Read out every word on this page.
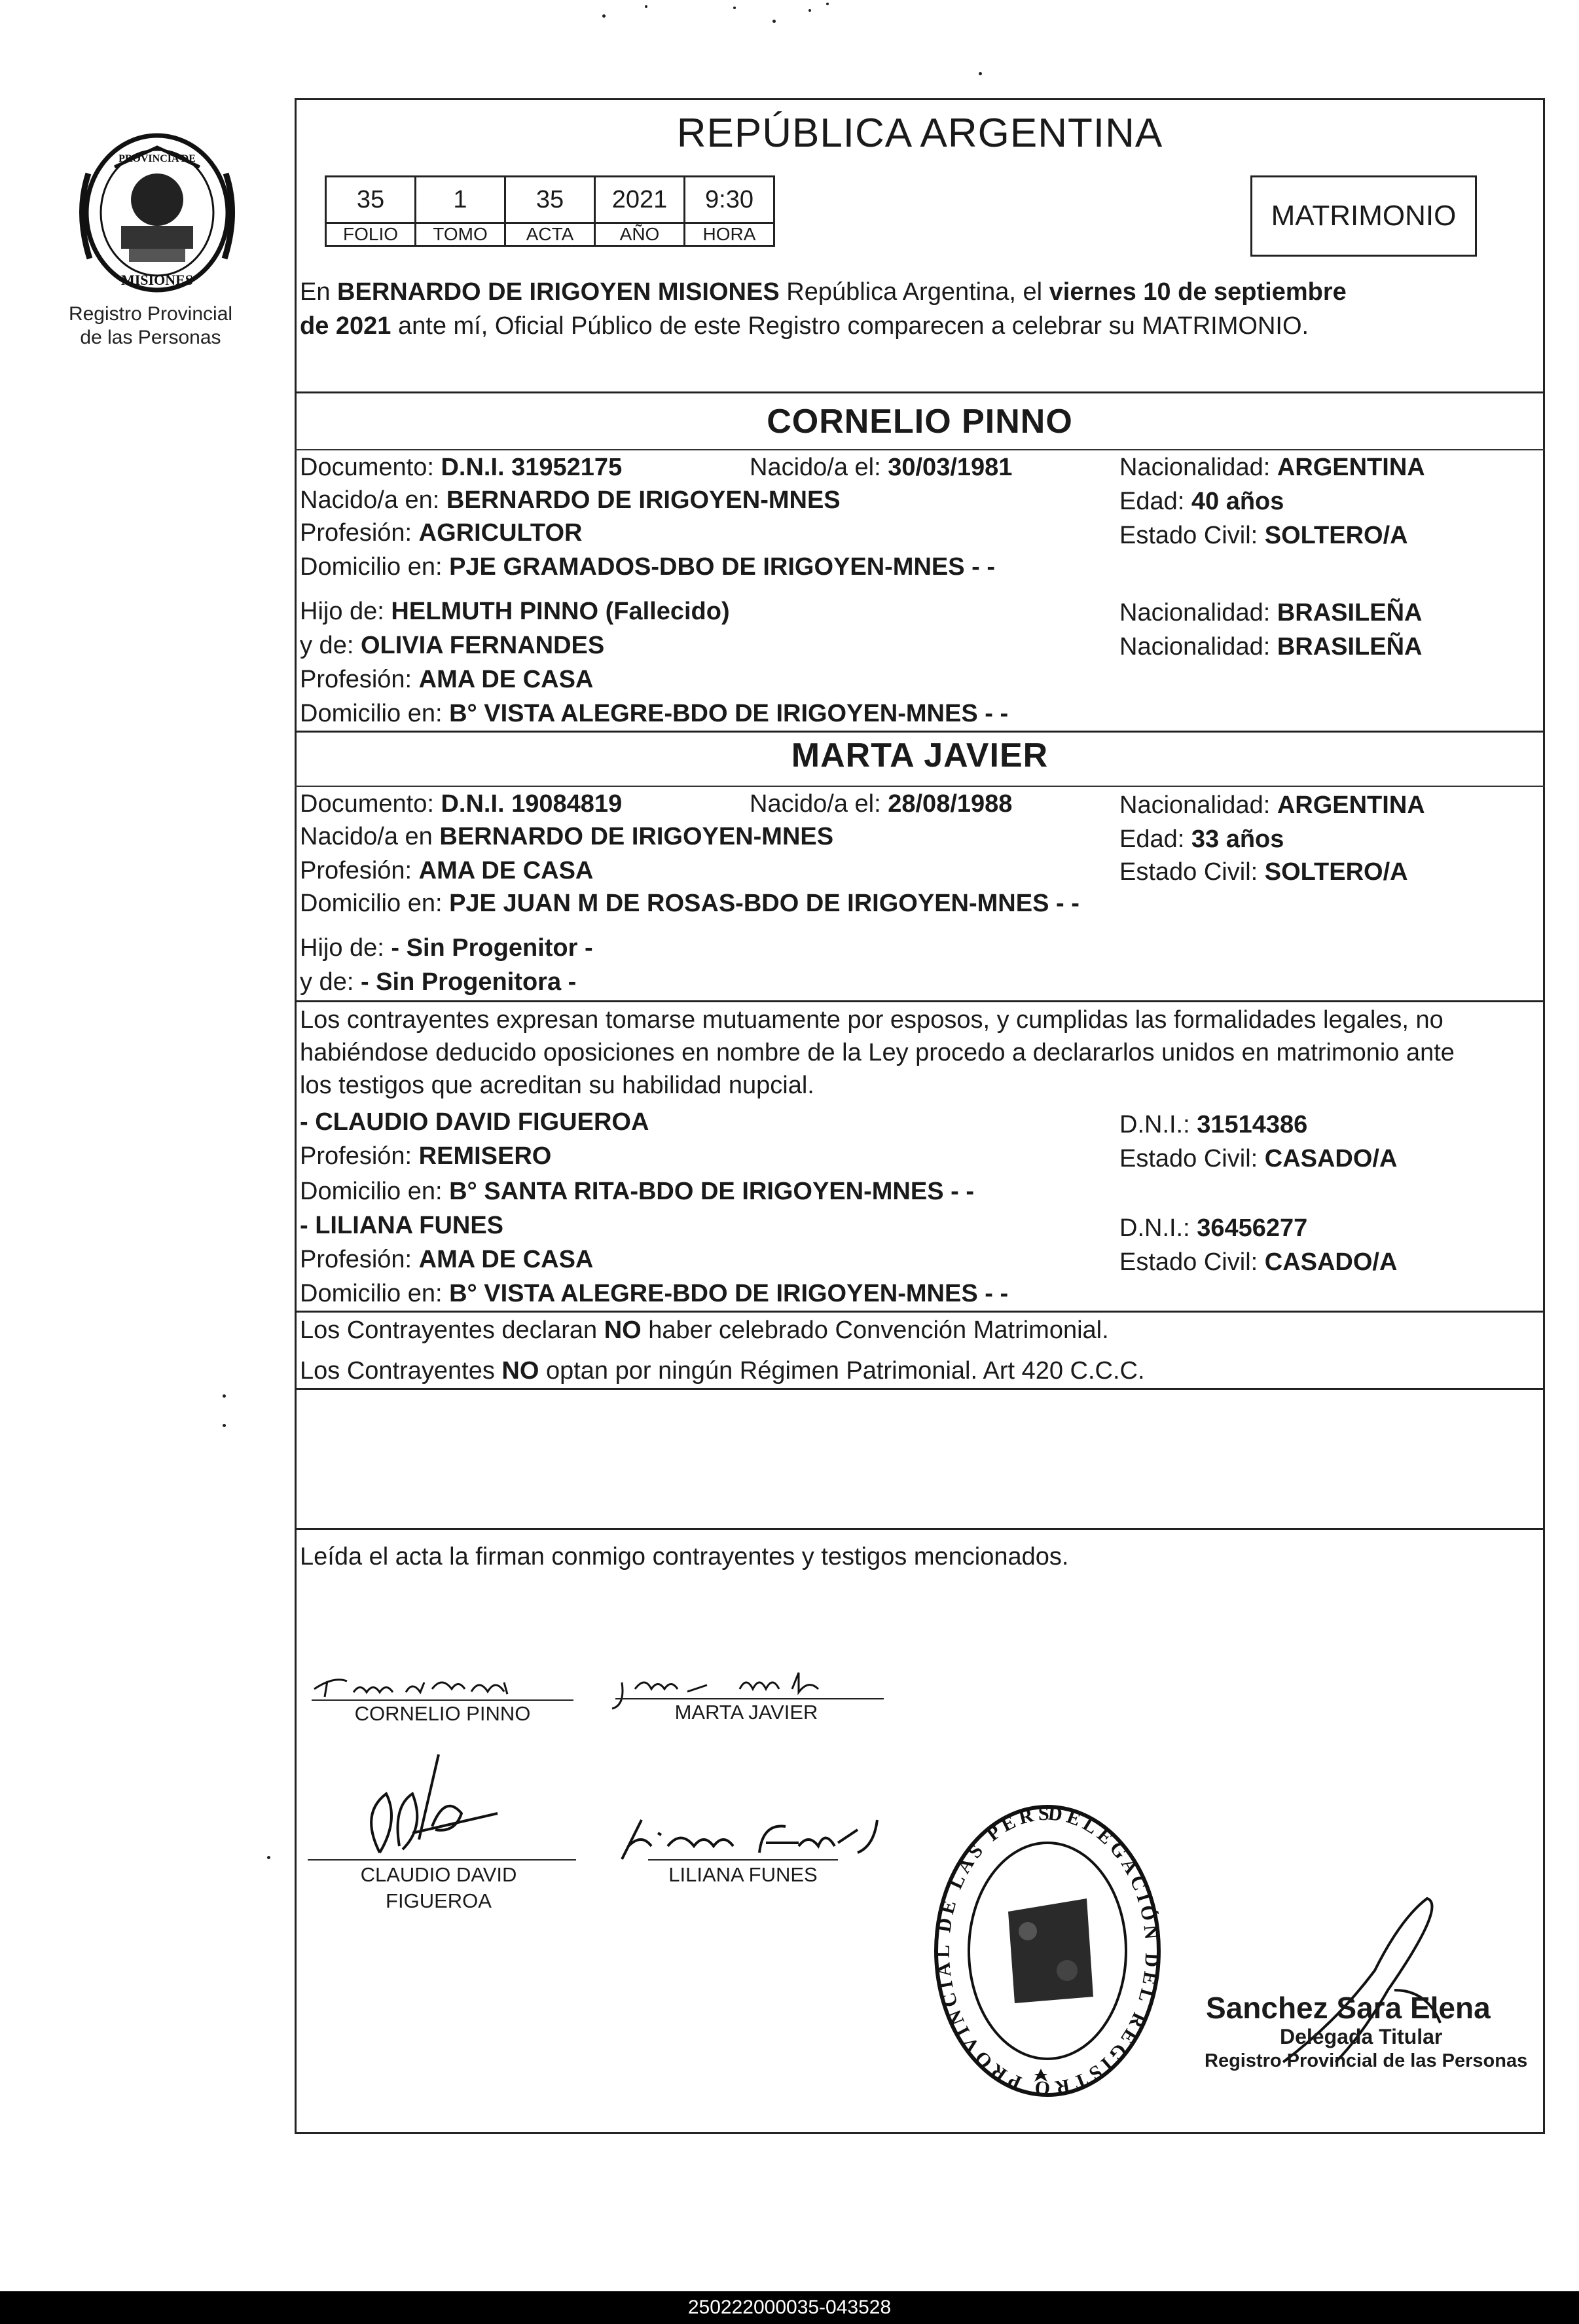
PROVINCIA DE
MISIONES
Registro Provincial
de las Personas
REPÚBLICA ARGENTINA
35	1	35	2021	9:30
FOLIO	TOMO	ACTA	AÑO	HORA
MATRIMONIO
En BERNARDO DE IRIGOYEN MISIONES República Argentina, el viernes 10 de septiembre
de 2021 ante mí, Oficial Público de este Registro comparecen a celebrar su MATRIMONIO.
CORNELIO PINNO
Documento: D.N.I. 31952175	Nacido/a el: 30/03/1981	Nacionalidad: ARGENTINA
Nacido/a en: BERNARDO DE IRIGOYEN-MNES	Edad: 40 años
Profesión: AGRICULTOR	Estado Civil: SOLTERO/A
Domicilio en: PJE GRAMADOS-DBO DE IRIGOYEN-MNES - -
Hijo de: HELMUTH PINNO (Fallecido)	Nacionalidad: BRASILEÑA
y de: OLIVIA FERNANDES	Nacionalidad: BRASILEÑA
Profesión: AMA DE CASA
Domicilio en: B° VISTA ALEGRE-BDO DE IRIGOYEN-MNES - -
MARTA JAVIER
Documento: D.N.I. 19084819	Nacido/a el: 28/08/1988	Nacionalidad: ARGENTINA
Nacido/a en BERNARDO DE IRIGOYEN-MNES	Edad: 33 años
Profesión: AMA DE CASA	Estado Civil: SOLTERO/A
Domicilio en: PJE JUAN M DE ROSAS-BDO DE IRIGOYEN-MNES - -
Hijo de: - Sin Progenitor -
y de: - Sin Progenitora -
Los contrayentes expresan tomarse mutuamente por esposos, y cumplidas las formalidades legales, no
habiéndose deducido oposiciones en nombre de la Ley procedo a declararlos unidos en matrimonio ante
los testigos que acreditan su habilidad nupcial.
- CLAUDIO DAVID FIGUEROA	D.N.I.: 31514386
Profesión: REMISERO	Estado Civil: CASADO/A
Domicilio en: B° SANTA RITA-BDO DE IRIGOYEN-MNES - -
- LILIANA FUNES	D.N.I.: 36456277
Profesión: AMA DE CASA	Estado Civil: CASADO/A
Domicilio en: B° VISTA ALEGRE-BDO DE IRIGOYEN-MNES - -
Los Contrayentes declaran NO haber celebrado Convención Matrimonial.
Los Contrayentes NO optan por ningún Régimen Patrimonial. Art 420 C.C.C.
Leída el acta la firman conmigo contrayentes y testigos mencionados.
CORNELIO PINNO	MARTA JAVIER
CLAUDIO DAVID
FIGUEROA
LILIANA FUNES
DELEGACIÓN DEL REGISTRO PROVINCIAL DE LAS PERSONAS
Sanchez Sara Elena
Delegada Titular
Registro Provincial de las Personas
250222000035-043528
